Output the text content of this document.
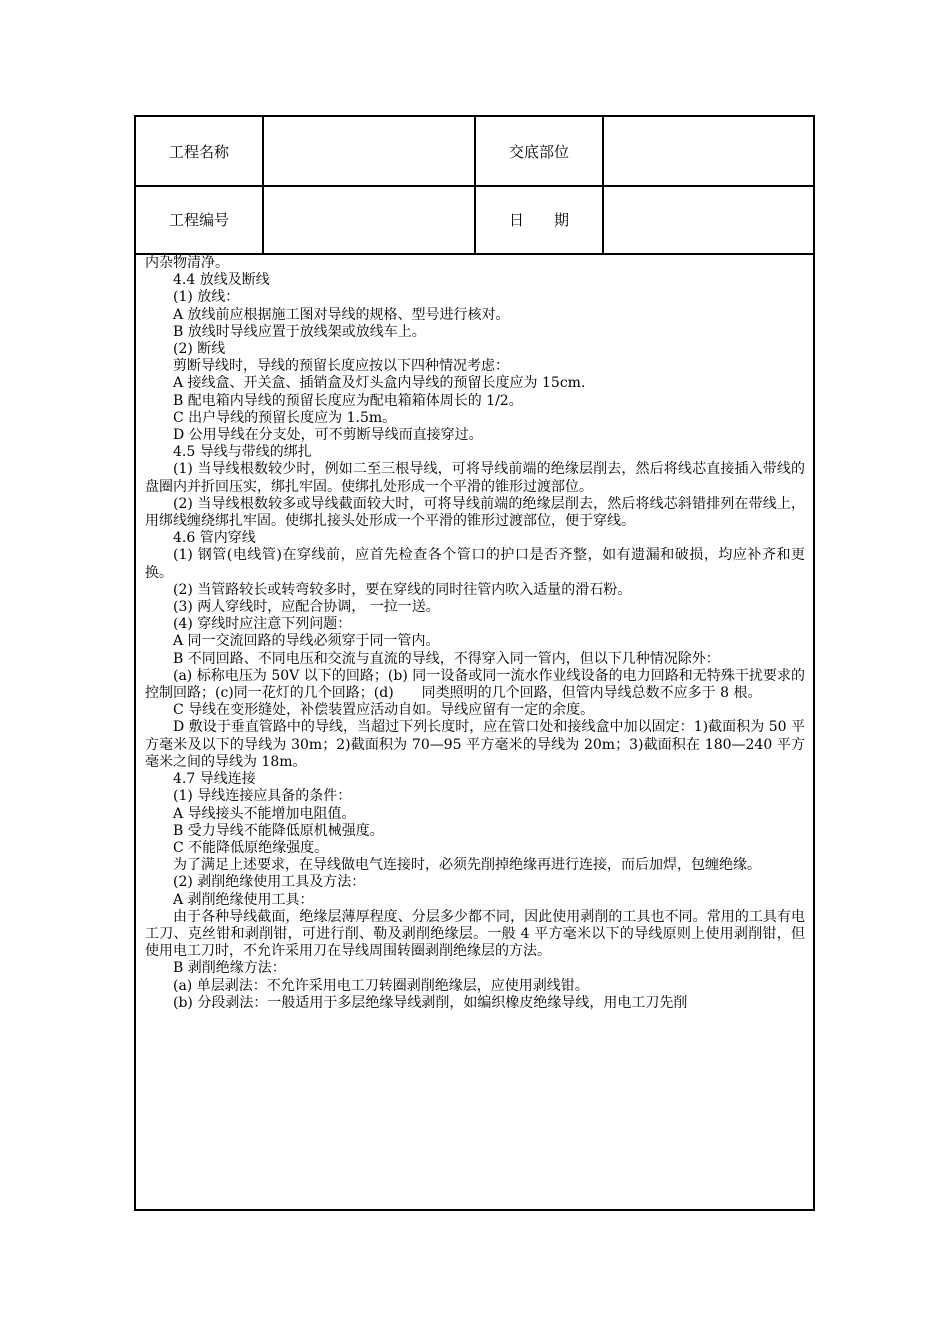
工程名称	交底部位
工程编号	日　　期

内杂物清净。

4.4 放线及断线

(1) 放线：

A 放线前应根据施工图对导线的规格、型号进行核对。

B 放线时导线应置于放线架或放线车上。

(2) 断线

剪断导线时，导线的预留长度应按以下四种情况考虑：

A 接线盒、开关盒、插销盒及灯头盒内导线的预留长度应为 15cm.

B 配电箱内导线的预留长度应为配电箱箱体周长的 1/2。

C 出户导线的预留长度应为 1.5m。

D 公用导线在分支处，可不剪断导线而直接穿过。

4.5 导线与带线的绑扎

(1) 当导线根数较少时，例如二至三根导线，可将导线前端的绝缘层削去，然后将线芯直接插入带线的盘圈内并折回压实，绑扎牢固。使绑扎处形成一个平滑的锥形过渡部位。

(2) 当导线根数较多或导线截面较大时，可将导线前端的绝缘层削去，然后将线芯斜错排列在带线上，用绑线缠绕绑扎牢固。使绑扎接头处形成一个平滑的锥形过渡部位，便于穿线。

4.6 管内穿线

(1) 钢管(电线管)在穿线前，应首先检查各个管口的护口是否齐整，如有遗漏和破损，均应补齐和更换。

(2) 当管路较长或转弯较多时，要在穿线的同时往管内吹入适量的滑石粉。

(3) 两人穿线时，应配合协调， 一拉一送。

(4) 穿线时应注意下列问题：

A 同一交流回路的导线必须穿于同一管内。

B 不同回路、不同电压和交流与直流的导线，不得穿入同一管内，但以下几种情况除外：

(a) 标称电压为 50V 以下的回路；(b) 同一设备或同一流水作业线设备的电力回路和无特殊干扰要求的控制回路；(c)同一花灯的几个回路；(d)　　同类照明的几个回路，但管内导线总数不应多于 8 根。

C 导线在变形缝处，补偿装置应活动自如。导线应留有一定的余度。

D 敷设于垂直管路中的导线，当超过下列长度时，应在管口处和接线盒中加以固定：1)截面积为 50 平方毫米及以下的导线为 30m；2)截面积为 70—95 平方毫米的导线为 20m；3)截面积在 180—240 平方毫米之间的导线为 18m。

4.7 导线连接

(1) 导线连接应具备的条件：

A 导线接头不能增加电阻值。

B 受力导线不能降低原机械强度。

C 不能降低原绝缘强度。

为了满足上述要求，在导线做电气连接时，必须先削掉绝缘再进行连接，而后加焊，包缠绝缘。

(2) 剥削绝缘使用工具及方法：

A 剥削绝缘使用工具：

由于各种导线截面，绝缘层薄厚程度、分层多少都不同，因此使用剥削的工具也不同。常用的工具有电工刀、克丝钳和剥削钳，可进行削、勒及剥削绝缘层。一般 4 平方毫米以下的导线原则上使用剥削钳，但使用电工刀时，不允许采用刀在导线周围转圈剥削绝缘层的方法。

B 剥削绝缘方法：

(a) 单层剥法：不允许采用电工刀转圈剥削绝缘层，应使用剥线钳。

(b) 分段剥法：一般适用于多层绝缘导线剥削，如编织橡皮绝缘导线，用电工刀先削
